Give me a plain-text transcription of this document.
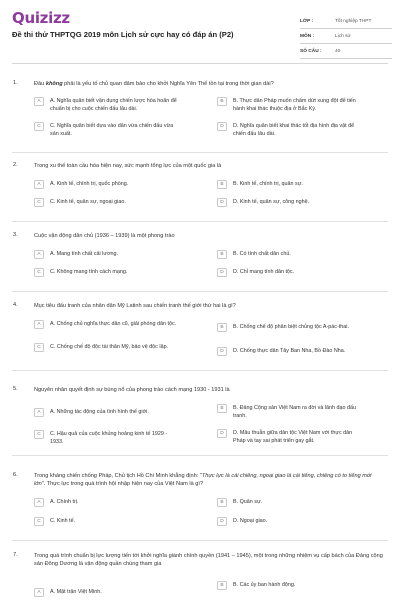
Quizizz
Đề thi thử THPTQG 2019 môn Lịch sử cực hay có đáp án (P2)
LỚP :	Tốt nghiệp THPT
MÔN :	Lịch sử
SỐ CÂU :	40
1.	Đâu không phải là yếu tố chủ quan đảm bảo cho khởi Nghĩa Yên Thế tồn tại trong thời gian dài?
A	A. Nghĩa quân biết vận dụng chiến lược hòa hoãn để chuẩn bị cho cuộc chiến đấu lâu dài.
B	B. Thực dân Pháp muốn chấm dứt xung đột để tiến hành khai thác thuộc địa ở Bắc Kỳ.
C	C. Nghĩa quân biết dựa vào dân vừa chiến đấu vừa sản xuất.
D	D. Nghĩa quân biết khai thác tốt địa hình địa vật để chiến đấu lâu dài.
2.	Trong xu thế toàn cầu hóa hiện nay, sức mạnh tổng lực của một quốc gia là
A	A. Kinh tế, chính trị, quốc phòng.	B	B. Kinh tế, chính trị, quân sự.
C	C. Kinh tế, quân sự, ngoại giao.	D	D. Kinh tế, quân sự, công nghệ.
3.	Cuộc vận động dân chủ (1936 – 1939) là một phong trào
A	A. Mang tính chất cải lương.	B	B. Có tính chất dân chủ.
C	C. Không mang tính cách mạng.	D	D. Chỉ mang tính dân tộc.
4.	Mục tiêu đấu tranh của nhân dân Mỹ Latinh sau chiến tranh thế giới thứ hai là gì?
A	A. Chống chủ nghĩa thực dân cũ, giải phóng dân tộc.
B	B. Chống chế độ phân biệt chủng tộc A-pác-thai.
C	C. Chống chế độ độc tài thân Mỹ, bảo vệ độc lập.
D	D. Chống thực dân Tây Ban Nha, Bồ Đào Nha.
5.	Nguyên nhân quyết định sự bùng nổ của phong trào cách mạng 1930 - 1931 là
A	A. Những tác động của tình hình thế giới.
B	B. Đảng Cộng sản Việt Nam ra đời và lãnh đạo đấu tranh.
C	C. Hậu quả của cuộc khủng hoảng kinh tế 1929 - 1933.
D	D. Mâu thuẫn giữa dân tộc Việt Nam với thực dân Pháp và tay sai phát triển gay gắt.
6.	Trong kháng chiến chống Pháp, Chủ tịch Hồ Chí Minh khẳng định: "Thực lực là cái chiêng, ngoại giao là cái tiếng, chiêng có to tiếng mới lớn". Thực lực trong quá trình hội nhập hiện nay của Việt Nam là gì?
A	A. Chính trị.	B	B. Quân sự.
C	C. Kinh tế.	D	D. Ngoại giao.
7.	Trong quá trình chuẩn bị lực lượng tiến tới khởi nghĩa giành chính quyền (1941 – 1945), một trong những nhiệm vụ cấp bách của Đảng cộng sản Đông Dương là vận động quần chúng tham gia
A	A. Mặt trận Việt Minh.
B	B. Các ủy ban hành động.
